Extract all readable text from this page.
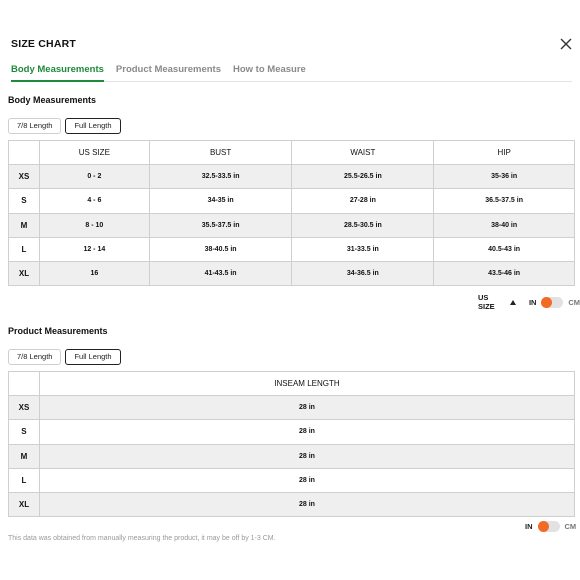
SIZE CHART
Body Measurements Product Measurements How to Measure
Body Measurements
7/8 Length	Full Length
	US SIZE	BUST	WAIST	HIP
XS	0 - 2	32.5-33.5 in	25.5-26.5 in	35-36 in
S	4 - 6	34-35 in	27-28 in	36.5-37.5 in
M	8 - 10	35.5-37.5 in	28.5-30.5 in	38-40 in
L	12 - 14	38-40.5 in	31-33.5 in	40.5-43 in
XL	16	41-43.5 in	34-36.5 in	43.5-46 in
US SIZE	IN	CM
Product Measurements
7/8 Length	Full Length
	INSEAM LENGTH
XS	28 in
S	28 in
M	28 in
L	28 in
XL	28 in
IN	CM
This data was obtained from manually measuring the product, it may be off by 1-3 CM.
